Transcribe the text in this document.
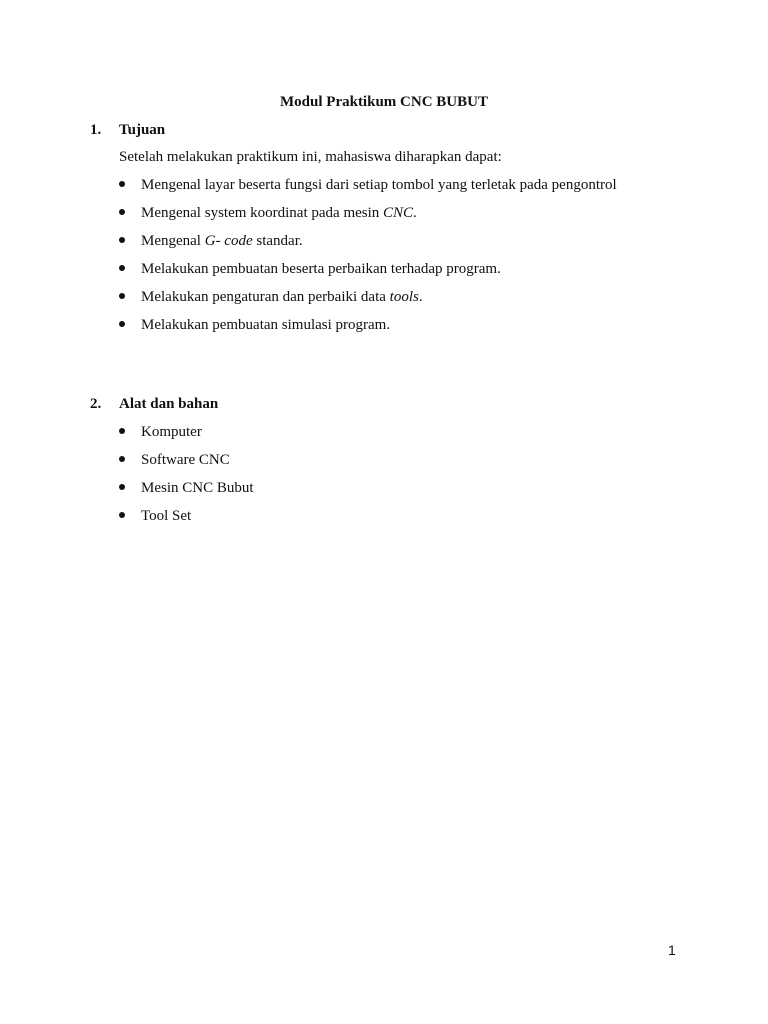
Modul Praktikum CNC BUBUT
1. Tujuan
Setelah melakukan praktikum ini, mahasiswa diharapkan dapat:
Mengenal layar beserta fungsi dari setiap tombol yang terletak pada pengontrol
Mengenal system koordinat pada mesin CNC.
Mengenal G- code standar.
Melakukan pembuatan beserta perbaikan terhadap program.
Melakukan pengaturan dan perbaiki data tools.
Melakukan pembuatan simulasi program.
2. Alat dan bahan
Komputer
Software CNC
Mesin CNC Bubut
Tool Set
1
